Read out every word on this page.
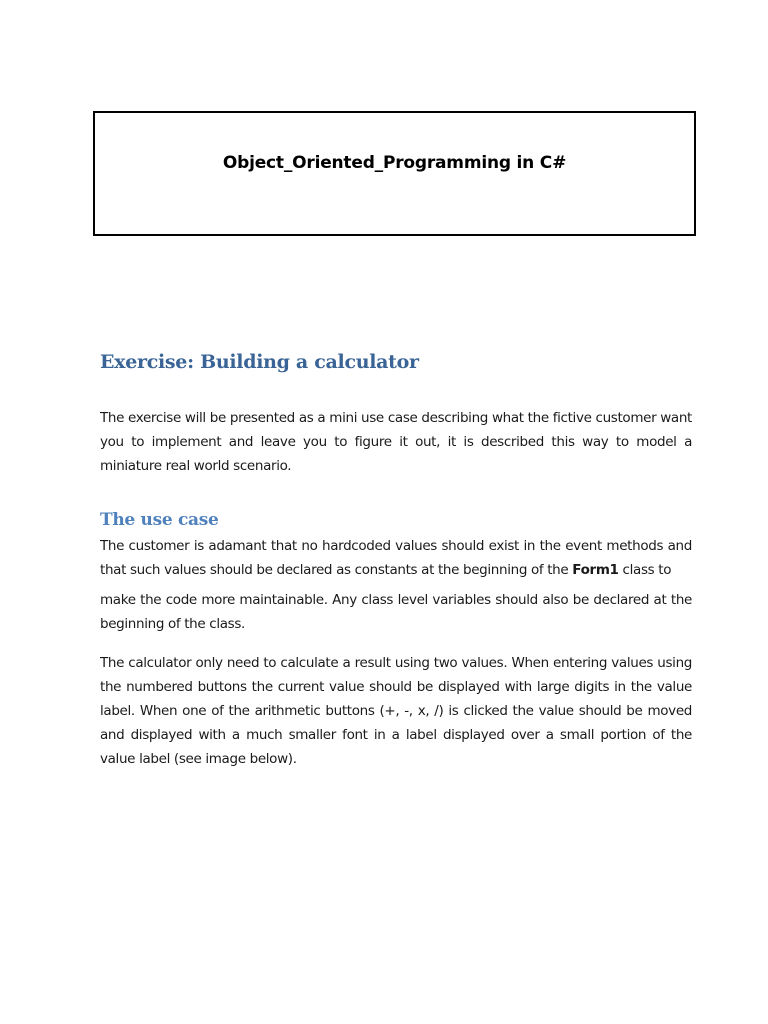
Object_Oriented_Programming in C#
Exercise: Building a calculator

The exercise will be presented as a mini use case describing what the fictive customer want you to implement and leave you to figure it out, it is described this way to model a miniature real world scenario.

The use case

The customer is adamant that no hardcoded values should exist in the event methods and that such values should be declared as constants at the beginning of the Form1 class to

make the code more maintainable. Any class level variables should also be declared at the beginning of the class.

The calculator only need to calculate a result using two values. When entering values using the numbered buttons the current value should be displayed with large digits in the value label. When one of the arithmetic buttons (+, -, x, /) is clicked the value should be moved and displayed with a much smaller font in a label displayed over a small portion of the value label (see image below).
